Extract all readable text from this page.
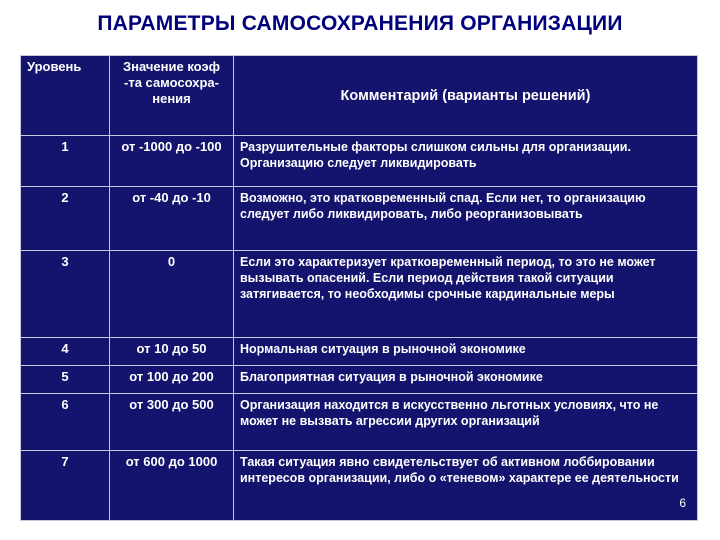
ПАРАМЕТРЫ САМОСОХРАНЕНИЯ ОРГАНИЗАЦИИ
Уровень	Значение коэф -та самосохра-нения	Комментарий (варианты решений)
1	от -1000 до -100	Разрушительные факторы слишком сильны для организации. Организацию следует ликвидировать
2	от -40 до -10	Возможно, это кратковременный спад. Если нет, то организацию следует либо ликвидировать, либо реорганизовывать
3	0	Если это характеризует кратковременный период, то это не может вызывать опасений. Если период действия такой ситуации затягивается, то необходимы срочные кардинальные меры
4	от 10 до 50	Нормальная ситуация в рыночной экономике
5	от 100 до 200	Благоприятная ситуация в рыночной экономике
6	от 300 до 500	Организация находится в искусственно льготных условиях, что не может не вызвать агрессии других организаций
7	от 600 до 1000	Такая ситуация явно свидетельствует об активном лоббировании интересов организации, либо о «теневом» характере ее деятельности
6
